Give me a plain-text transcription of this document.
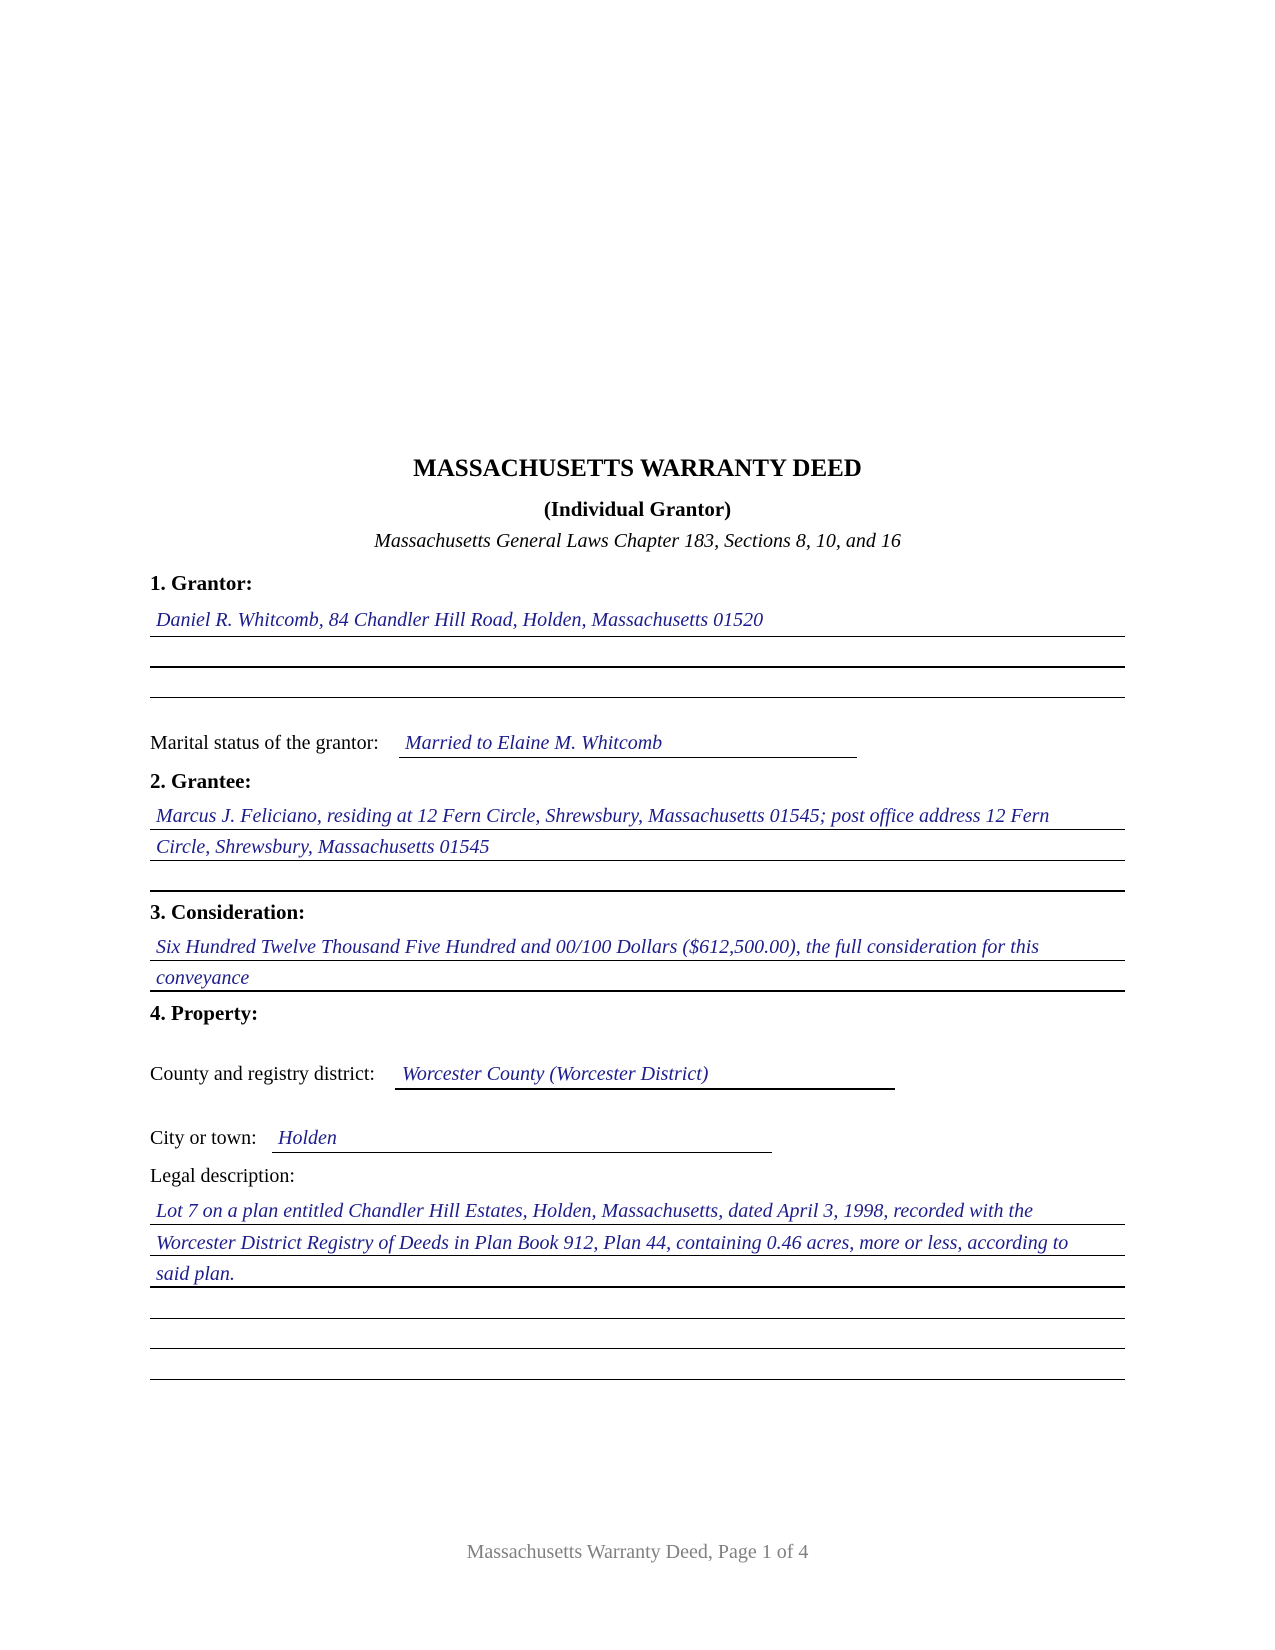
MASSACHUSETTS WARRANTY DEED
(Individual Grantor)
Massachusetts General Laws Chapter 183, Sections 8, 10, and 16
1. Grantor:
Daniel R. Whitcomb, 84 Chandler Hill Road, Holden, Massachusetts 01520
Marital status of the grantor: Married to Elaine M. Whitcomb
2. Grantee:
Marcus J. Feliciano, residing at 12 Fern Circle, Shrewsbury, Massachusetts 01545; post office address 12 Fern
Circle, Shrewsbury, Massachusetts 01545
3. Consideration:
Six Hundred Twelve Thousand Five Hundred and 00/100 Dollars ($612,500.00), the full consideration for this
conveyance
4. Property:
County and registry district: Worcester County (Worcester District)
City or town: Holden
Legal description:
Lot 7 on a plan entitled Chandler Hill Estates, Holden, Massachusetts, dated April 3, 1998, recorded with the
Worcester District Registry of Deeds in Plan Book 912, Plan 44, containing 0.46 acres, more or less, according to
said plan.
Massachusetts Warranty Deed, Page 1 of 4
